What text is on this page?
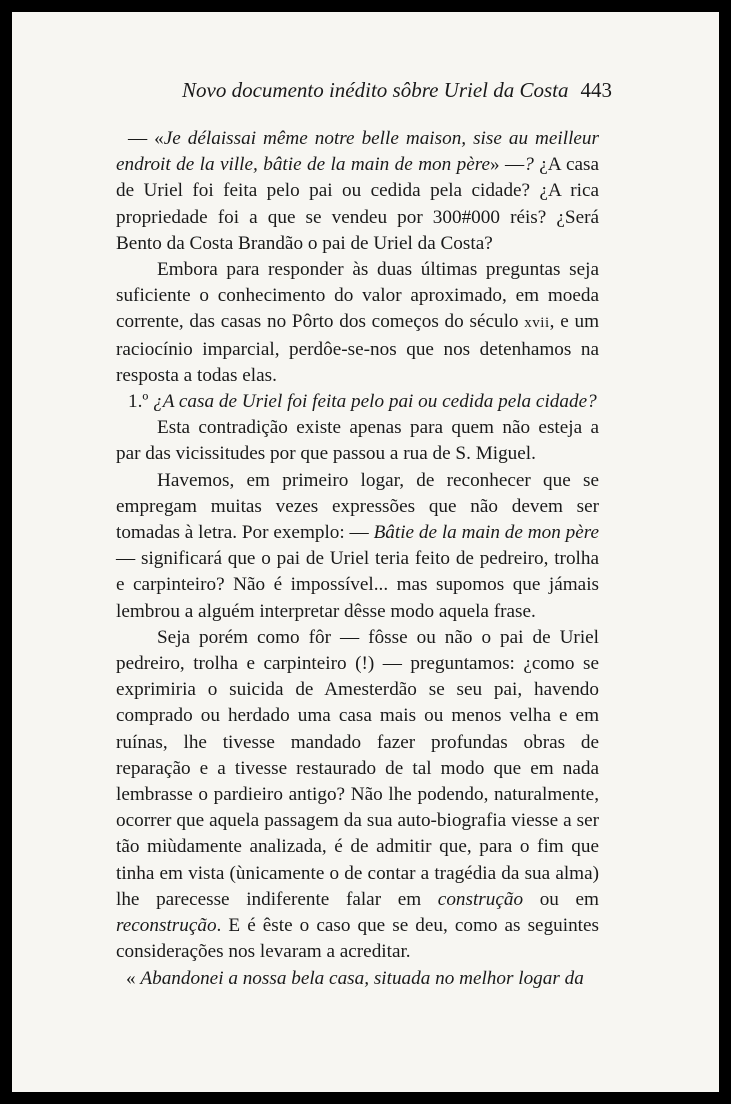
Novo documento inédito sôbre Uriel da Costa 443

— «Je délaissai même notre belle maison, sise au meilleur endroit de la ville, bâtie de la main de mon père» —? ¿A casa de Uriel foi feita pelo pai ou cedida pela cidade? ¿A rica propriedade foi a que se vendeu por 300#000 réis? ¿Será Bento da Costa Brandão o pai de Uriel da Costa?

Embora para responder às duas últimas preguntas seja suficiente o conhecimento do valor aproximado, em moeda corrente, das casas no Pôrto dos começos do século xvii, e um raciocínio imparcial, perdôe-se-nos que nos detenhamos na resposta a todas elas.

1.º ¿A casa de Uriel foi feita pelo pai ou cedida pela cidade?

Esta contradição existe apenas para quem não esteja a par das vicissitudes por que passou a rua de S. Miguel.

Havemos, em primeiro logar, de reconhecer que se empregam muitas vezes expressões que não devem ser tomadas à letra. Por exemplo: — Bâtie de la main de mon père — significará que o pai de Uriel teria feito de pedreiro, trolha e carpinteiro? Não é impossível... mas supomos que jámais lembrou a alguém interpretar dêsse modo aquela frase.

Seja porém como fôr — fôsse ou não o pai de Uriel pedreiro, trolha e carpinteiro (!) — preguntamos: ¿como se exprimiria o suicida de Amesterdão se seu pai, havendo comprado ou herdado uma casa mais ou menos velha e em ruínas, lhe tivesse mandado fazer profundas obras de reparação e a tivesse restaurado de tal modo que em nada lembrasse o pardieiro antigo? Não lhe podendo, naturalmente, ocorrer que aquela passagem da sua auto-biografia viesse a ser tão miùdamente analizada, é de admitir que, para o fim que tinha em vista (ùnicamente o de contar a tragédia da sua alma) lhe parecesse indiferente falar em construção ou em reconstrução. E é êste o caso que se deu, como as seguintes considerações nos levaram a acreditar.

« Abandonei a nossa bela casa, situada no melhor logar da
